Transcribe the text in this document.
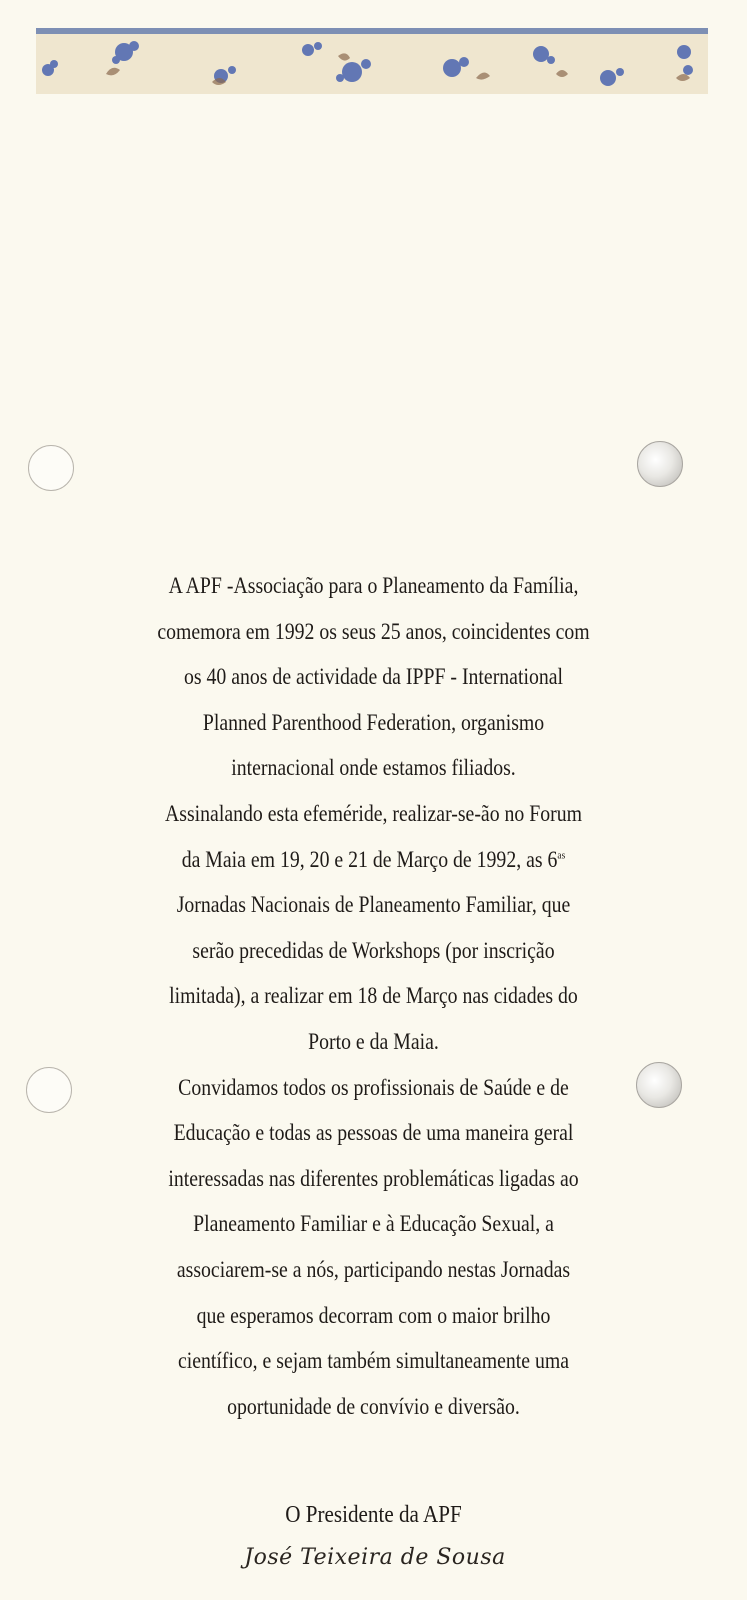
A APF -Associação para o Planeamento da Família,
comemora em 1992 os seus 25 anos, coincidentes com
os 40 anos de actividade da IPPF - International
Planned Parenthood Federation, organismo
internacional onde estamos filiados.

Assinalando esta efeméride, realizar-se-ão no Forum
da Maia em 19, 20 e 21 de Março de 1992, as $6^{as}$
Jornadas Nacionais de Planeamento Familiar, que
serão precedidas de Workshops (por inscrição
limitada), a realizar em 18 de Março nas cidades do
Porto e da Maia.

Convidamos todos os profissionais de Saúde e de
Educação e todas as pessoas de uma maneira geral
interessadas nas diferentes problemáticas ligadas ao
Planeamento Familiar e à Educação Sexual, a
associarem-se a nós, participando nestas Jornadas
que esperamos decorram com o maior brilho
científico, e sejam também simultaneamente uma
oportunidade de convívio e diversão.

O Presidente da APF
José Teixeira de Sousa
